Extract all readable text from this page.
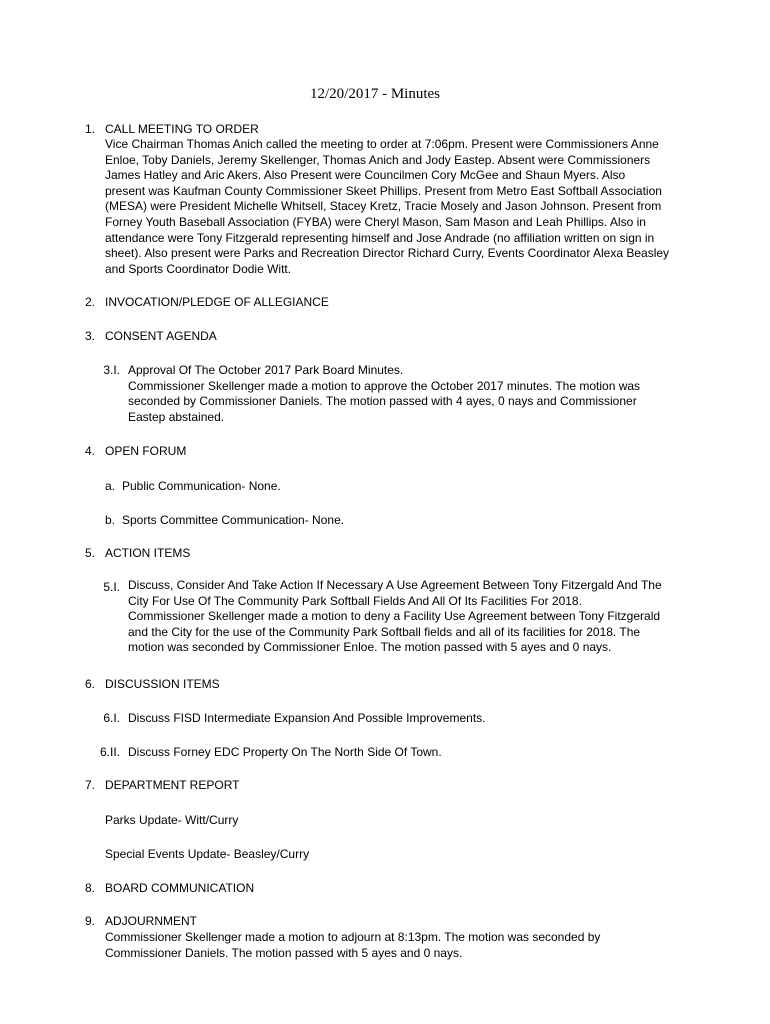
12/20/2017 - Minutes
1. CALL MEETING TO ORDER
Vice Chairman Thomas Anich called the meeting to order at 7:06pm. Present were Commissioners Anne
Enloe, Toby Daniels, Jeremy Skellenger, Thomas Anich and Jody Eastep. Absent were Commissioners
James Hatley and Aric Akers. Also Present were Councilmen Cory McGee and Shaun Myers. Also
present was Kaufman County Commissioner Skeet Phillips. Present from Metro East Softball Association
(MESA) were President Michelle Whitsell, Stacey Kretz, Tracie Mosely and Jason Johnson. Present from
Forney Youth Baseball Association (FYBA) were Cheryl Mason, Sam Mason and Leah Phillips. Also in
attendance were Tony Fitzgerald representing himself and Jose Andrade (no affiliation written on sign in
sheet). Also present were Parks and Recreation Director Richard Curry, Events Coordinator Alexa Beasley
and Sports Coordinator Dodie Witt.
2. INVOCATION/PLEDGE OF ALLEGIANCE
3. CONSENT AGENDA
3.I. Approval Of The October 2017 Park Board Minutes.
Commissioner Skellenger made a motion to approve the October 2017 minutes. The motion was
seconded by Commissioner Daniels. The motion passed with 4 ayes, 0 nays and Commissioner
Eastep abstained.
4. OPEN FORUM
a. Public Communication- None.
b. Sports Committee Communication- None.
5. ACTION ITEMS
5.I. Discuss, Consider And Take Action If Necessary A Use Agreement Between Tony Fitzergald And The
City For Use Of The Community Park Softball Fields And All Of Its Facilities For 2018.
Commissioner Skellenger made a motion to deny a Facility Use Agreement between Tony Fitzgerald
and the City for the use of the Community Park Softball fields and all of its facilities for 2018. The
motion was seconded by Commissioner Enloe. The motion passed with 5 ayes and 0 nays.
6. DISCUSSION ITEMS
6.I. Discuss FISD Intermediate Expansion And Possible Improvements.
6.II. Discuss Forney EDC Property On The North Side Of Town.
7. DEPARTMENT REPORT
Parks Update- Witt/Curry
Special Events Update- Beasley/Curry
8. BOARD COMMUNICATION
9. ADJOURNMENT
Commissioner Skellenger made a motion to adjourn at 8:13pm. The motion was seconded by
Commissioner Daniels. The motion passed with 5 ayes and 0 nays.
